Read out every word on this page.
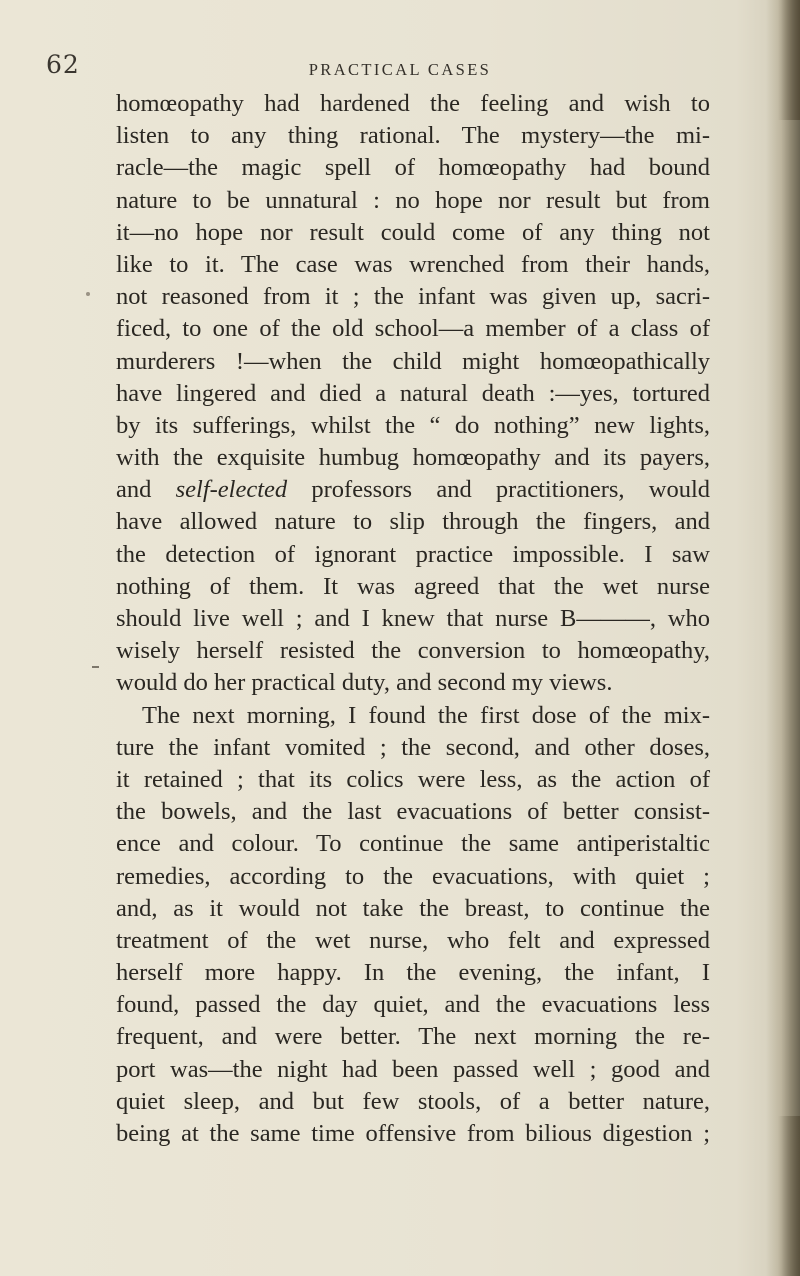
62	PRACTICAL CASES
homœopathy had hardened the feeling and wish to
listen to any thing rational. The mystery—the mi-
racle—the magic spell of homœopathy had bound
nature to be unnatural : no hope nor result but from
it—no hope nor result could come of any thing not
like to it. The case was wrenched from their hands,
not reasoned from it ; the infant was given up, sacri-
ficed, to one of the old school—a member of a class of
murderers !—when the child might homœopathically
have lingered and died a natural death :—yes, tortured
by its sufferings, whilst the “ do nothing” new lights,
with the exquisite humbug homœopathy and its payers,
and self-elected professors and practitioners, would
have allowed nature to slip through the fingers, and
the detection of ignorant practice impossible. I saw
nothing of them. It was agreed that the wet nurse
should live well ; and I knew that nurse B———, who
wisely herself resisted the conversion to homœopathy,
would do her practical duty, and second my views.
The next morning, I found the first dose of the mix-
ture the infant vomited ; the second, and other doses,
it retained ; that its colics were less, as the action of
the bowels, and the last evacuations of better consist-
ence and colour. To continue the same antiperistaltic
remedies, according to the evacuations, with quiet ;
and, as it would not take the breast, to continue the
treatment of the wet nurse, who felt and expressed
herself more happy. In the evening, the infant, I
found, passed the day quiet, and the evacuations less
frequent, and were better. The next morning the re-
port was—the night had been passed well ; good and
quiet sleep, and but few stools, of a better nature,
being at the same time offensive from bilious digestion ;
